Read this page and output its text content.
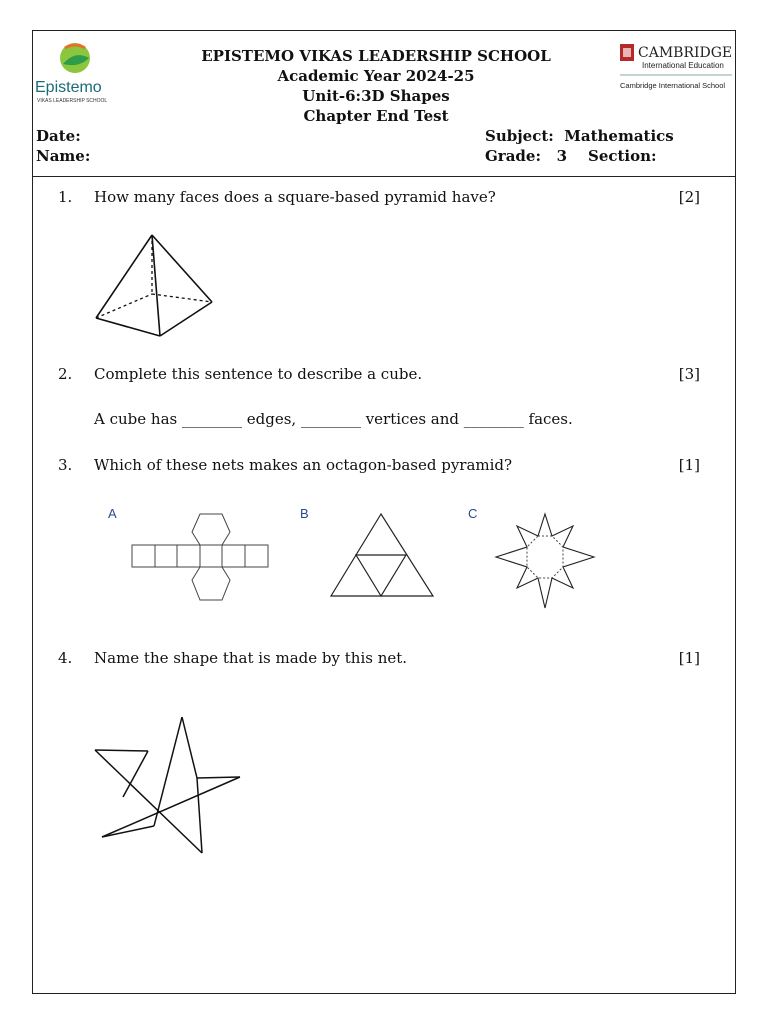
Epistemo
VIKAS LEADERSHIP SCHOOL
CAMBRIDGE
International Education
Cambridge International School
EPISTEMO VIKAS LEADERSHIP SCHOOL
Academic Year 2024-25
Unit-6:3D Shapes
Chapter End Test
Date:
Name:
Subject:  Mathematics
Grade:   3    Section:
1. How many faces does a square-based pyramid have?	[2]
2. Complete this sentence to describe a cube.	[3]
A cube has ________ edges, ________ vertices and ________ faces.
3. Which of these nets makes an octagon-based pyramid?	[1]
A	B	C
4. Name the shape that is made by this net.	[1]
